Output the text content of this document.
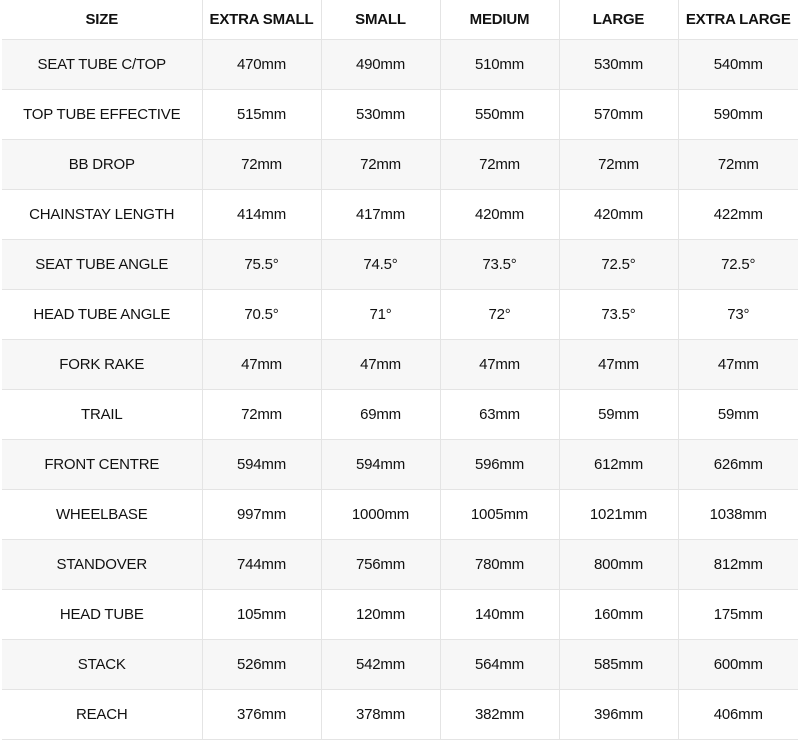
SIZE	EXTRA SMALL	SMALL	MEDIUM	LARGE	EXTRA LARGE
SEAT TUBE C/TOP	470mm	490mm	510mm	530mm	540mm
TOP TUBE EFFECTIVE	515mm	530mm	550mm	570mm	590mm
BB DROP	72mm	72mm	72mm	72mm	72mm
CHAINSTAY LENGTH	414mm	417mm	420mm	420mm	422mm
SEAT TUBE ANGLE	75.5°	74.5°	73.5°	72.5°	72.5°
HEAD TUBE ANGLE	70.5°	71°	72°	73.5°	73°
FORK RAKE	47mm	47mm	47mm	47mm	47mm
TRAIL	72mm	69mm	63mm	59mm	59mm
FRONT CENTRE	594mm	594mm	596mm	612mm	626mm
WHEELBASE	997mm	1000mm	1005mm	1021mm	1038mm
STANDOVER	744mm	756mm	780mm	800mm	812mm
HEAD TUBE	105mm	120mm	140mm	160mm	175mm
STACK	526mm	542mm	564mm	585mm	600mm
REACH	376mm	378mm	382mm	396mm	406mm
